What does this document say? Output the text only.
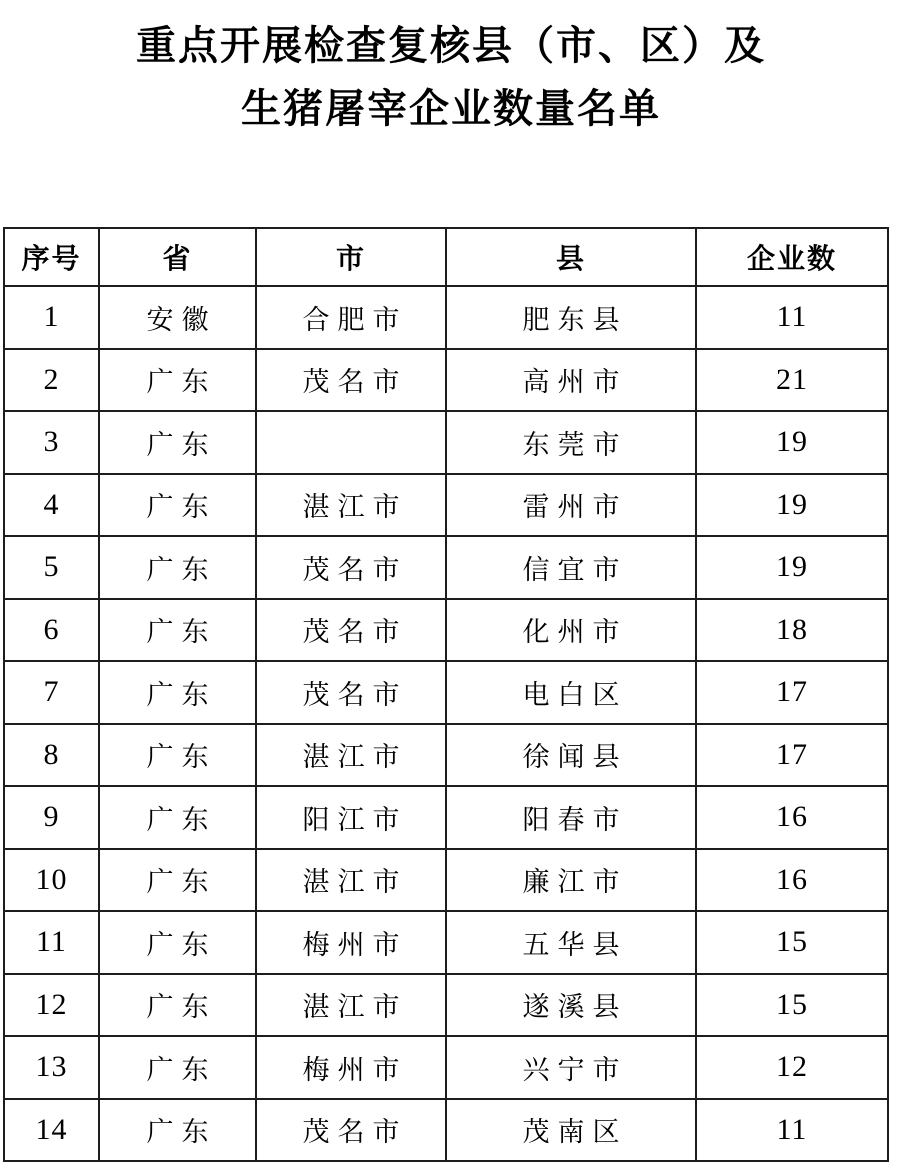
重点开展检查复核县（市、区）及
生猪屠宰企业数量名单
序号	省	市	县	企业数
1	安徽	合肥市	肥东县	11
2	广东	茂名市	高州市	21
3	广东		东莞市	19
4	广东	湛江市	雷州市	19
5	广东	茂名市	信宜市	19
6	广东	茂名市	化州市	18
7	广东	茂名市	电白区	17
8	广东	湛江市	徐闻县	17
9	广东	阳江市	阳春市	16
10	广东	湛江市	廉江市	16
11	广东	梅州市	五华县	15
12	广东	湛江市	遂溪县	15
13	广东	梅州市	兴宁市	12
14	广东	茂名市	茂南区	11
